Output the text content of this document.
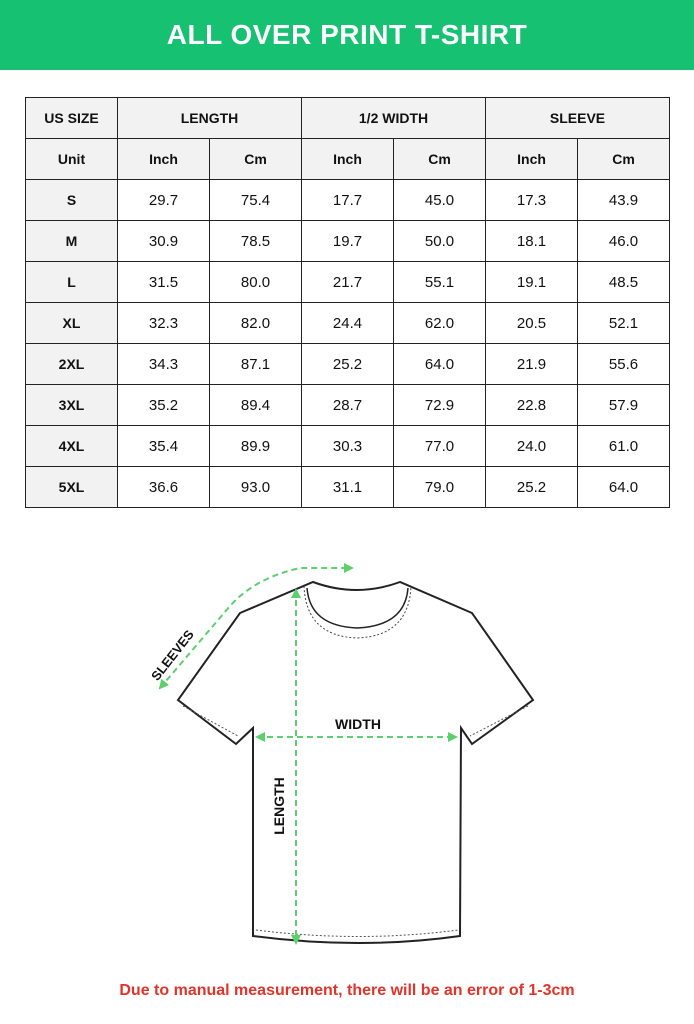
ALL OVER PRINT T-SHIRT
US SIZE	LENGTH		1/2 WIDTH		SLEEVE	
Unit	Inch	Cm	Inch	Cm	Inch	Cm
S	29.7	75.4	17.7	45.0	17.3	43.9
M	30.9	78.5	19.7	50.0	18.1	46.0
L	31.5	80.0	21.7	55.1	19.1	48.5
XL	32.3	82.0	24.4	62.0	20.5	52.1
2XL	34.3	87.1	25.2	64.0	21.9	55.6
3XL	35.2	89.4	28.7	72.9	22.8	57.9
4XL	35.4	89.9	30.3	77.0	24.0	61.0
5XL	36.6	93.0	31.1	79.0	25.2	64.0
SLEEVES
WIDTH
LENGTH
Due to manual measurement, there will be an error of 1-3cm
